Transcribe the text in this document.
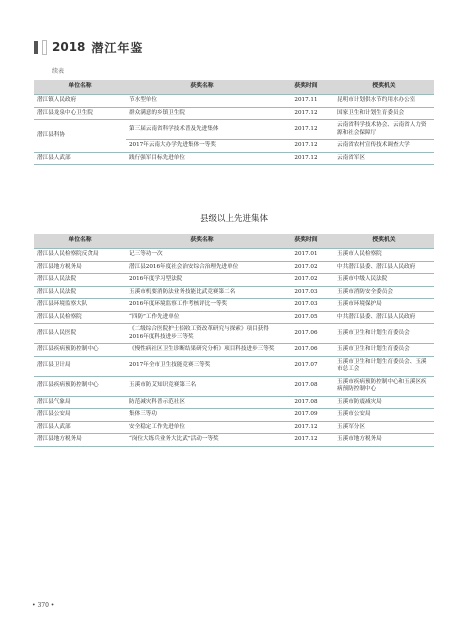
2018 潜江年鉴
续表
单位名称	获奖名称	获奖时间	授奖机关
潜江镇人民政府	节水型单位	2017.11	昆明市计划供水节约用水办公室
潜江县龙泉中心卫生院	群众满意的乡镇卫生院	2017.12	国家卫生和计划生育委员会
潜江县科协	第三届云南省科学技术普及先进集体	2017.12	云南省科学技术协会、云南省人力资源和社会保障厅
	2017年云南大办学先进集体一等奖	2017.12	云南省农村宣传技术调查大学
潜江县人武部	践行强军目标先进单位	2017.12	云南省军区
县级以上先进集体
单位名称	获奖名称	获奖时间	授奖机关
潜江县人民检察院反贪局	记三等功一次	2017.01	玉溪市人民检察院
潜江县地方税务局	潜江县2016年度社会治安综合治理先进单位	2017.02	中共潜江县委、潜江县人民政府
潜江县人民法院	2016年度学习型法院	2017.02	玉溪市中级人民法院
潜江县人民法院	玉溪市机要消防法业务技能比武竞赛第二名	2017.03	玉溪市消防安全委员会
潜江县环境监察大队	2016年度环境监察工作考核评比一等奖	2017.03	玉溪市环境保护局
潜江县人民检察院	“四防”工作先进单位	2017.05	中共潜江县委、潜江县人民政府
潜江县人民医院	《二级综合医院护士招收工资改革研究与探索》项目获得2016年度科技进步三等奖	2017.06	玉溪市卫生和计划生育委员会
潜江县疾病预防控制中心	《慢性病社区卫生诊断结果研究分析》项目科技进步三等奖	2017.06	玉溪市卫生和计划生育委员会
潜江县卫计局	2017年全市卫生技能竞赛三等奖	2017.07	玉溪市卫生和计划生育委员会、玉溪市总工会
潜江县疾病预防控制中心	玉溪市防艾知识竞赛第三名	2017.08	玉溪市疾病预防控制中心和玉溪区疾病预防控制中心
潜江县气象局	防范减灾科普示范社区	2017.08	玉溪市防震减灾局
潜江县公安局	集体三等功	2017.09	玉溪市公安局
潜江县人武部	安全稳定工作先进单位	2017.12	玉溪军分区
潜江县地方税务局	“岗位大练兵业务大比武”活动一等奖	2017.12	玉溪市地方税务局
• 370 •
